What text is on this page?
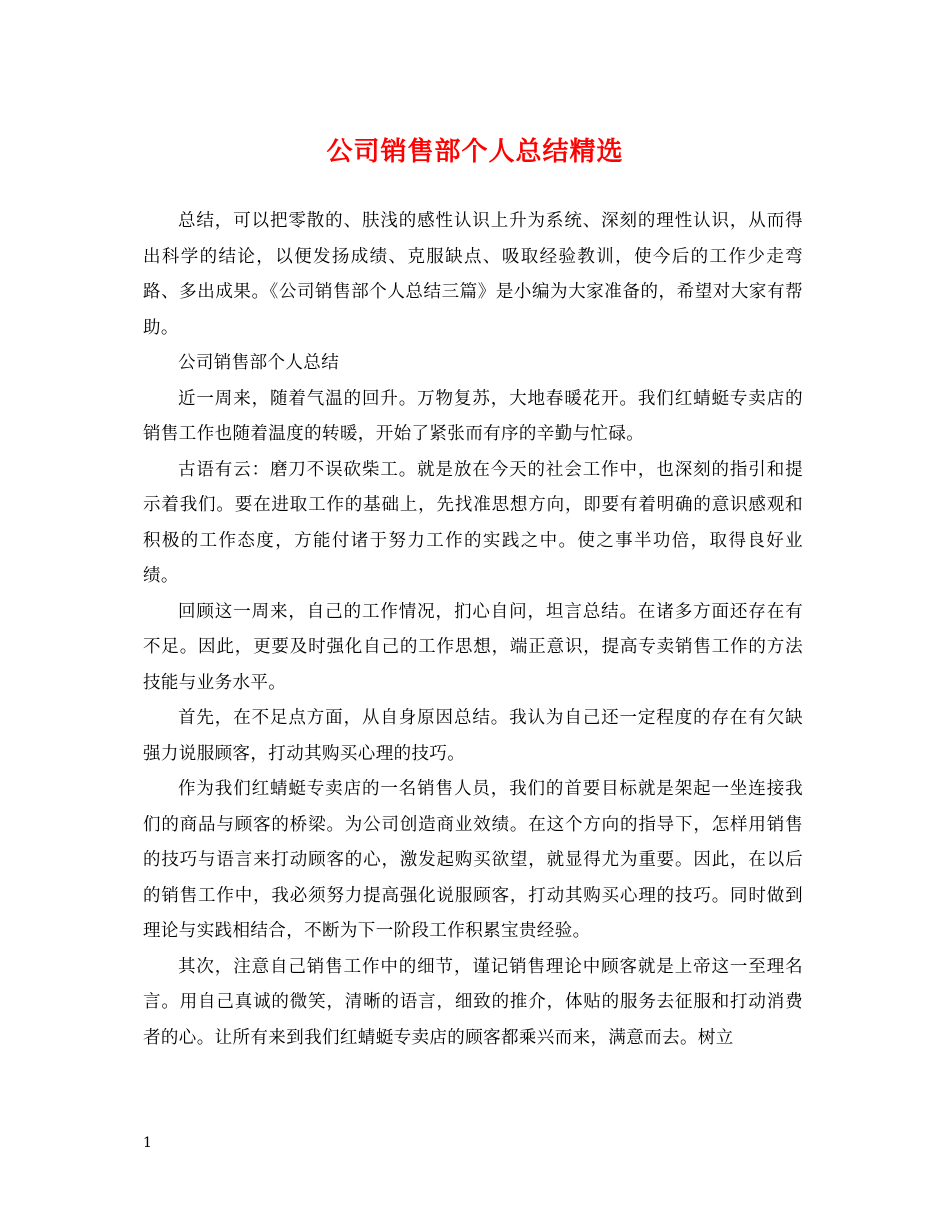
公司销售部个人总结精选

总结，可以把零散的、肤浅的感性认识上升为系统、深刻的理性认识，从而得出科学的结论，以便发扬成绩、克服缺点、吸取经验教训，使今后的工作少走弯路、多出成果。《公司销售部个人总结三篇》是小编为大家准备的，希望对大家有帮助。

公司销售部个人总结

近一周来，随着气温的回升。万物复苏，大地春暖花开。我们红蜻蜓专卖店的销售工作也随着温度的转暖，开始了紧张而有序的辛勤与忙碌。

古语有云：磨刀不误砍柴工。就是放在今天的社会工作中，也深刻的指引和提示着我们。要在进取工作的基础上，先找准思想方向，即要有着明确的意识感观和积极的工作态度，方能付诸于努力工作的实践之中。使之事半功倍，取得良好业绩。

回顾这一周来，自己的工作情况，扪心自问，坦言总结。在诸多方面还存在有不足。因此，更要及时强化自己的工作思想，端正意识，提高专卖销售工作的方法技能与业务水平。

首先，在不足点方面，从自身原因总结。我认为自己还一定程度的存在有欠缺强力说服顾客，打动其购买心理的技巧。

作为我们红蜻蜓专卖店的一名销售人员，我们的首要目标就是架起一坐连接我们的商品与顾客的桥梁。为公司创造商业效绩。在这个方向的指导下，怎样用销售的技巧与语言来打动顾客的心，激发起购买欲望，就显得尤为重要。因此，在以后的销售工作中，我必须努力提高强化说服顾客，打动其购买心理的技巧。同时做到理论与实践相结合，不断为下一阶段工作积累宝贵经验。

其次，注意自己销售工作中的细节，谨记销售理论中顾客就是上帝这一至理名言。用自己真诚的微笑，清晰的语言，细致的推介，体贴的服务去征服和打动消费者的心。让所有来到我们红蜻蜓专卖店的顾客都乘兴而来，满意而去。树立

1
